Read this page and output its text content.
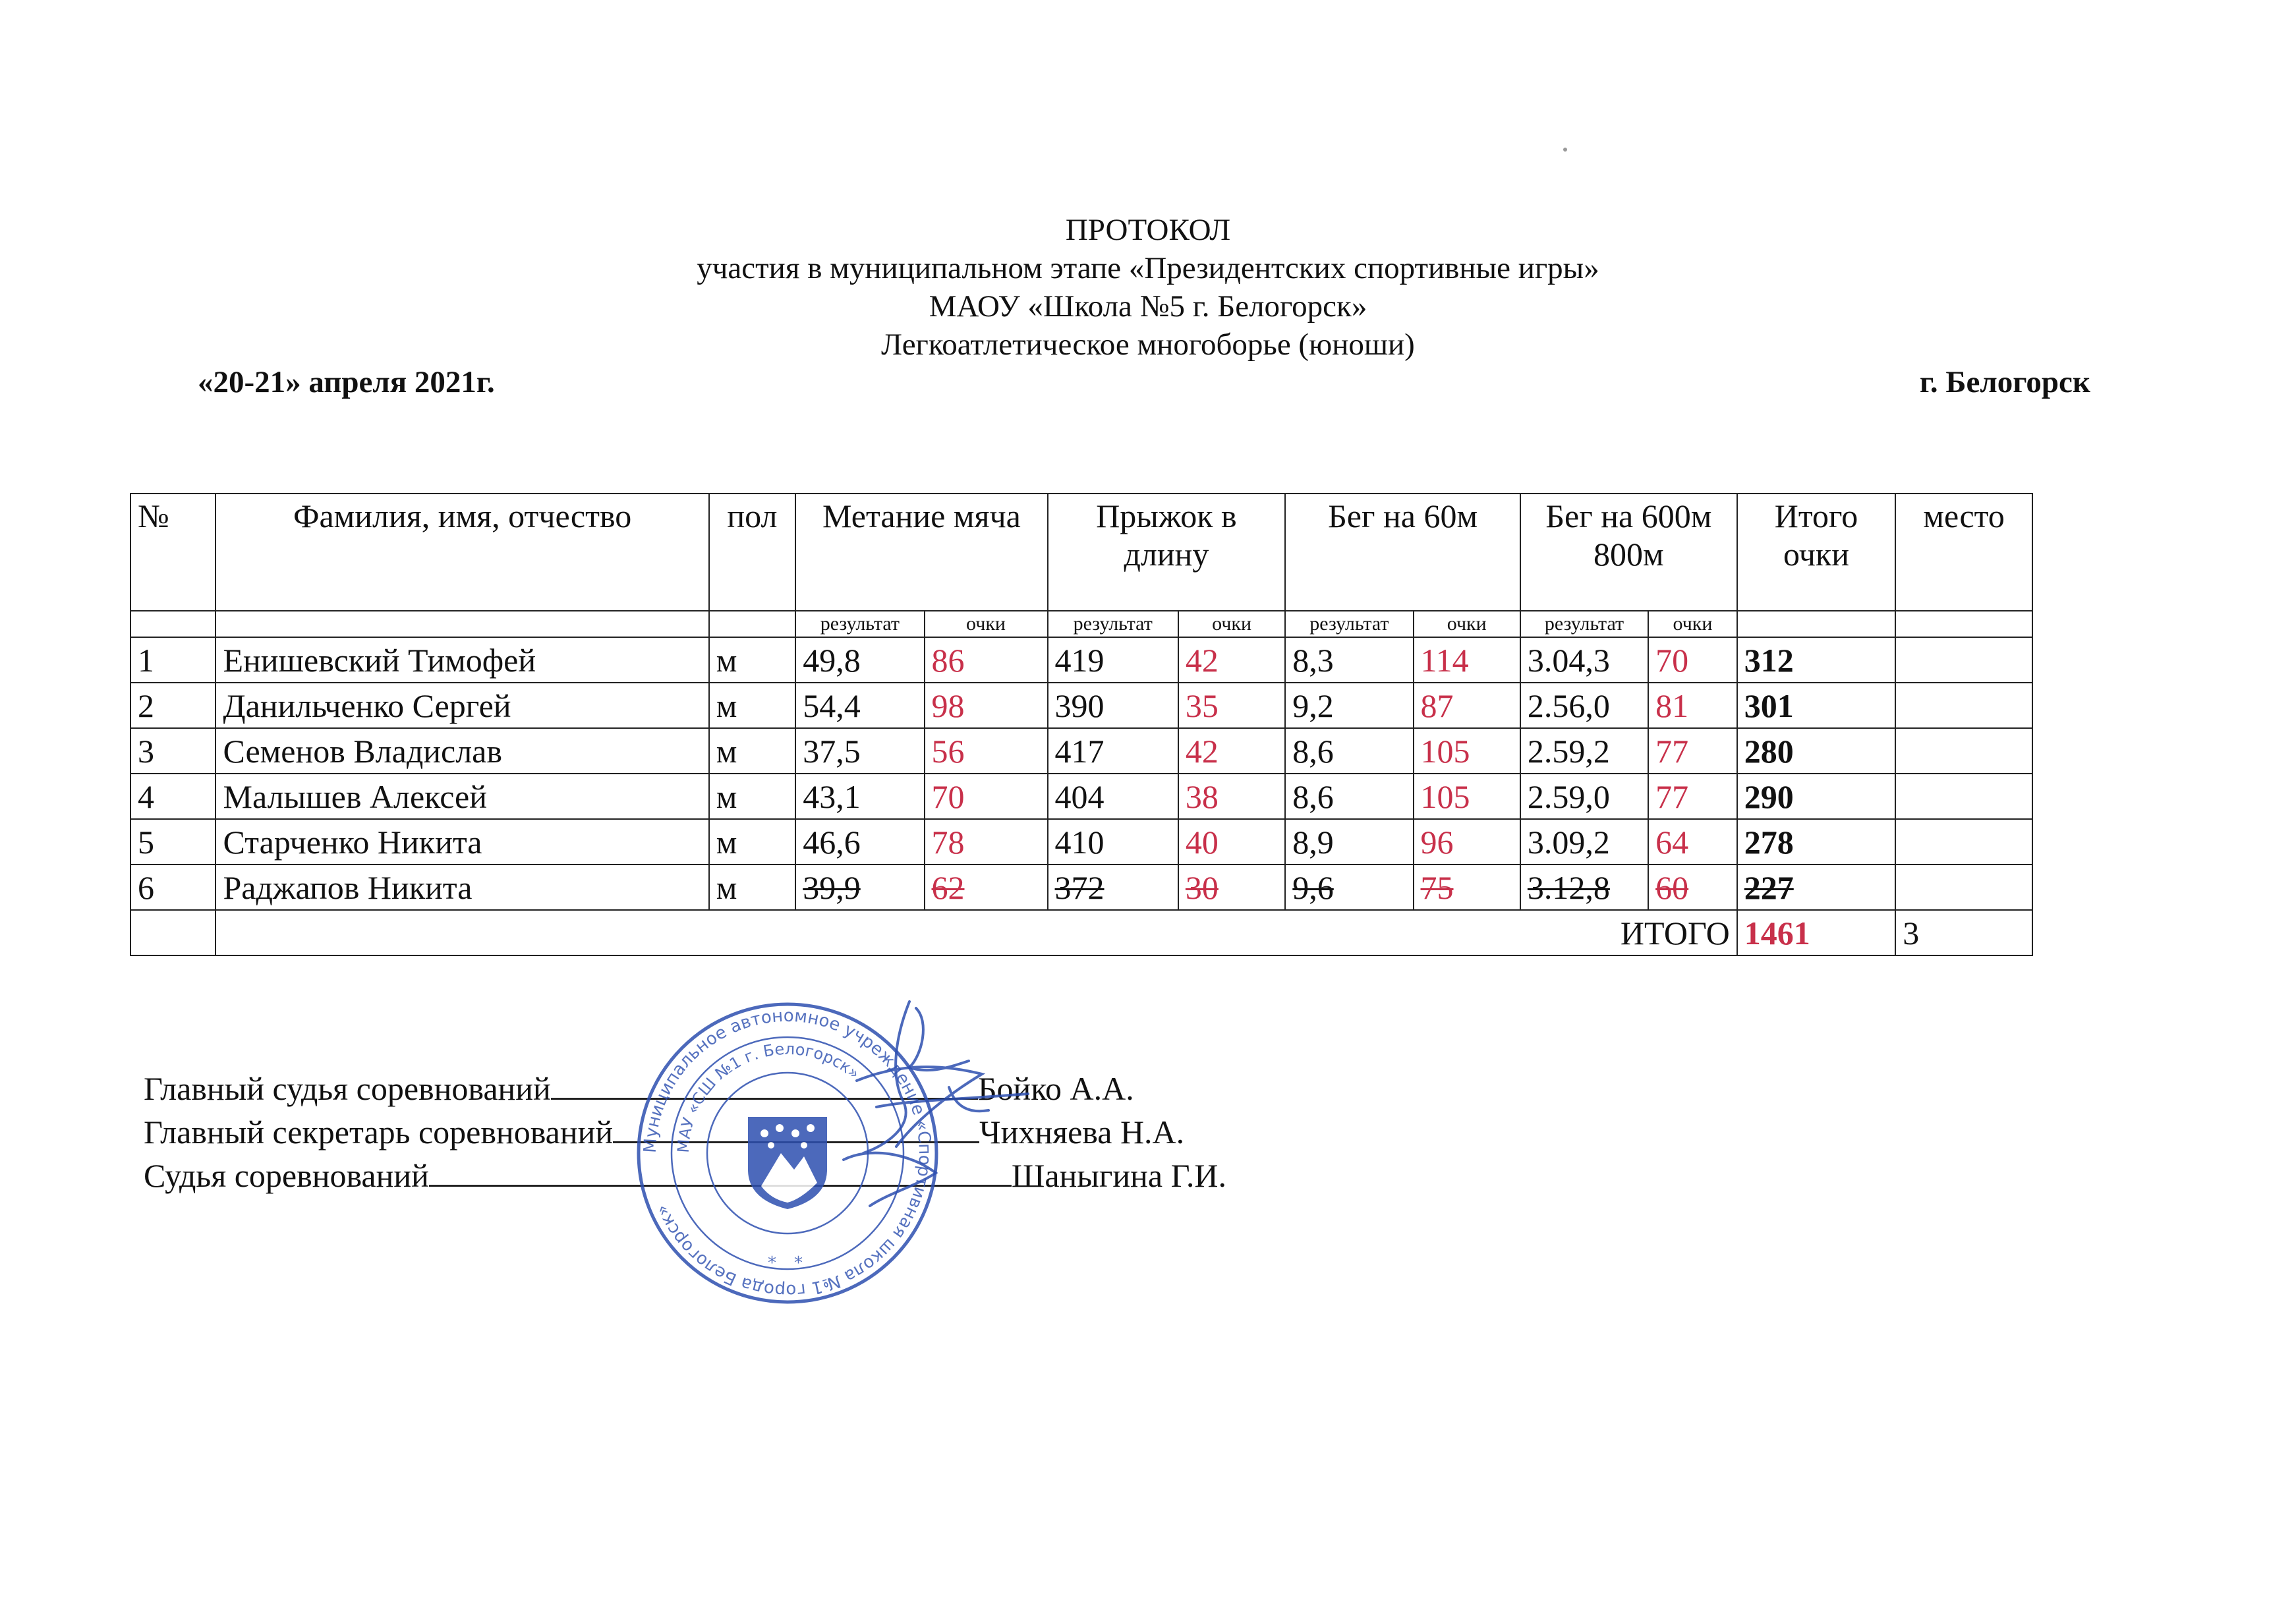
ПРОТОКОЛ
участия в муниципальном этапе «Президентских спортивные игры»
МАОУ «Школа №5 г. Белогорск»
Легкоатлетическое многоборье (юноши)
«20-21» апреля 2021г.	г. Белогорск
№	Фамилия, имя, отчество	пол	Метание мяча		Прыжок в длину		Бег на 60м		Бег на 600м 800м		Итого очки	место
			результат	очки	результат	очки	результат	очки	результат	очки		
1	Енишевский Тимофей	м	49,8	86	419	42	8,3	114	3.04,3	70	312	
2	Данильченко Сергей	м	54,4	98	390	35	9,2	87	2.56,0	81	301	
3	Семенов Владислав	м	37,5	56	417	42	8,6	105	2.59,2	77	280	
4	Малышев Алексей	м	43,1	70	404	38	8,6	105	2.59,0	77	290	
5	Старченко Никита	м	46,6	78	410	40	8,9	96	3.09,2	64	278	
6	Раджапов Никита	м	39,9	62	372	30	9,6	75	3.12,8	60	227	
	ИТОГО										1461	3
Главный судья соревнований	Бойко А.А.
Главный секретарь соревнований	Чихняева Н.А.
Судья соревнований	Шаныгина Г.И.
Муниципальное автономное учреждение «Спортивная школа №1 города Белогорск»
МАУ «СШ №1 г. Белогорск»
* *
